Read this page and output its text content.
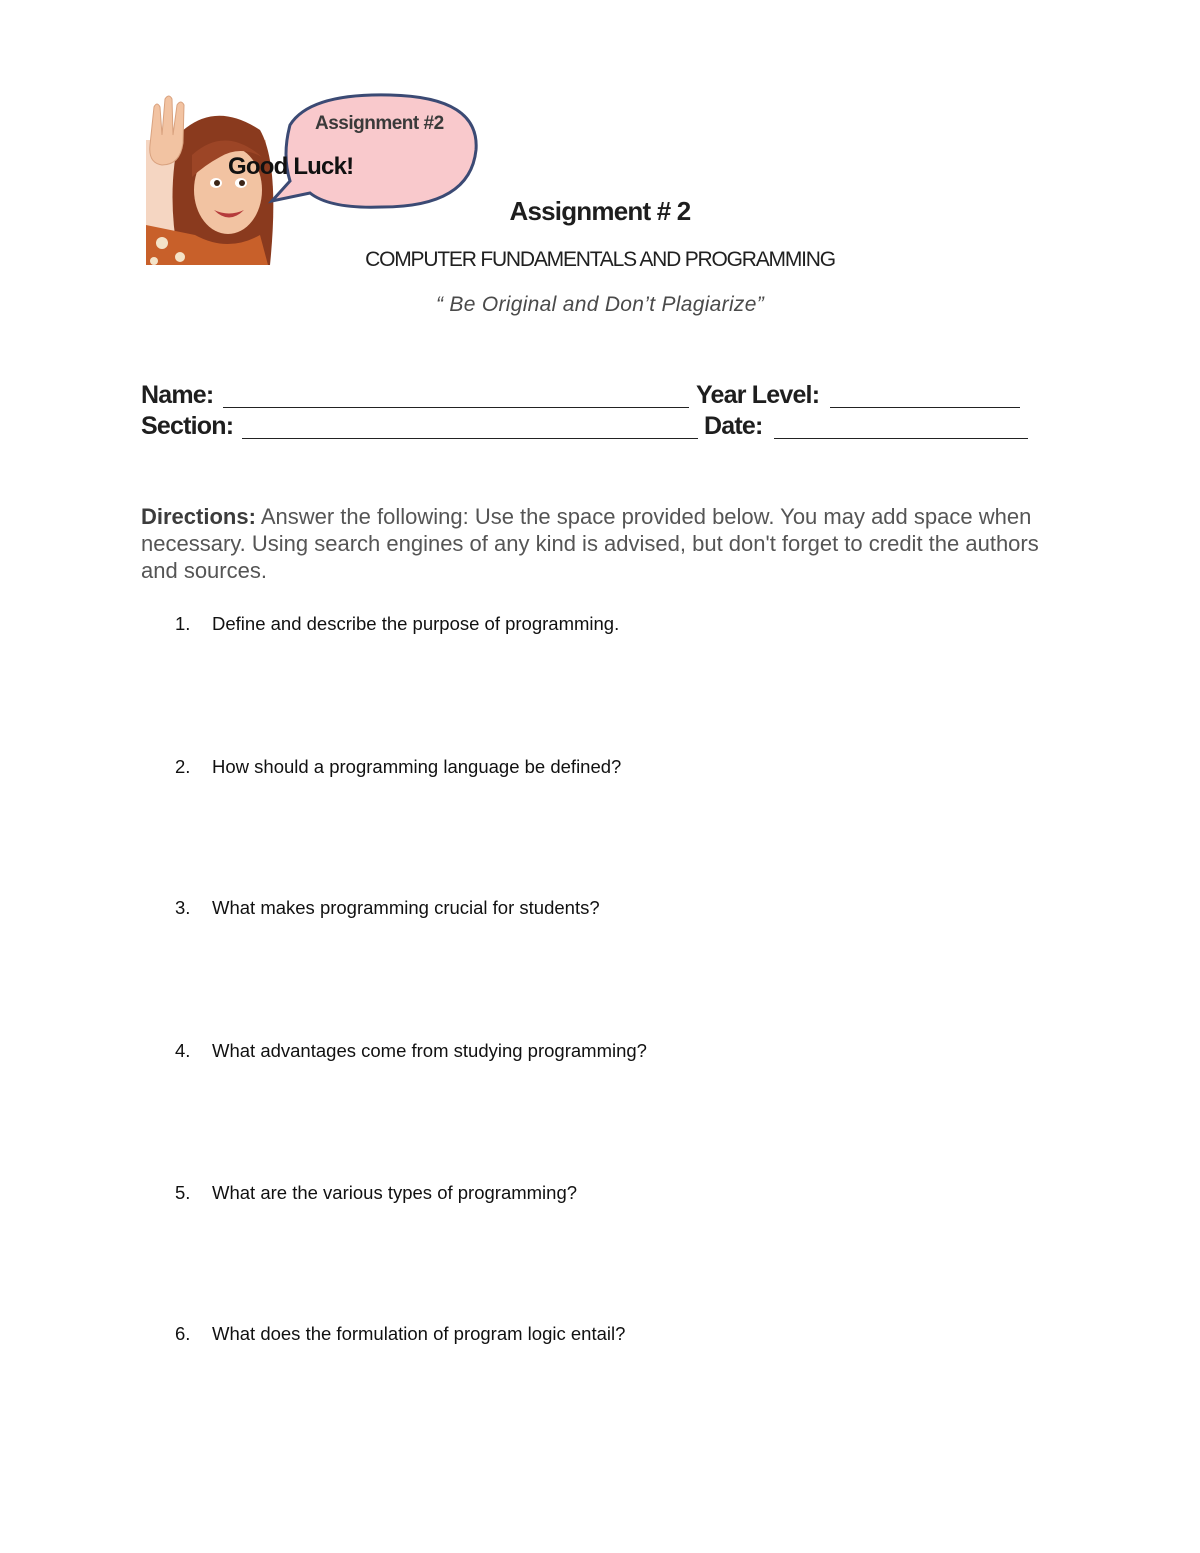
Assignment #2
Good Luck!
Assignment # 2
COMPUTER FUNDAMENTALS AND PROGRAMMING
“ Be Original and Don’t Plagiarize”
Name:	Year Level:
Section:	Date:
Directions: Answer the following: Use the space provided below. You may add space when necessary. Using search engines of any kind is advised, but don't forget to credit the authors and sources.
1. Define and describe the purpose of programming.
2. How should a programming language be defined?
3. What makes programming crucial for students?
4. What advantages come from studying programming?
5. What are the various types of programming?
6. What does the formulation of program logic entail?
